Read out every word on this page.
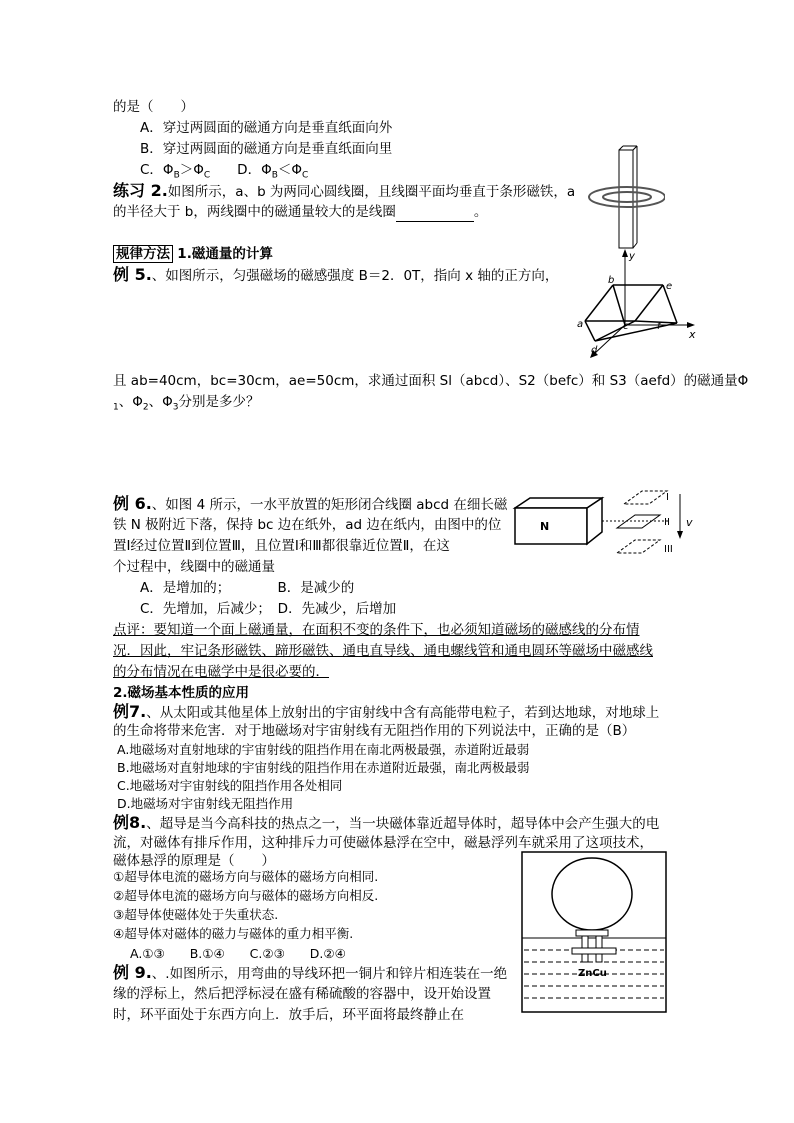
的是（　　）
A．穿过两圆面的磁通方向是垂直纸面向外
B．穿过两圆面的磁通方向是垂直纸面向里
C．$\Phi_B>\Phi_C$　　D．$\Phi_B<\Phi_C$
练习 2.如图所示，a、b 为两同心圆线圈，且线圈平面均垂直于条形磁铁，a
的半径大于 b，两线圈中的磁通量较大的是线圈	。
规律方法 1.磁通量的计算
例 5.、如图所示，匀强磁场的磁感强度 B＝2．0T，指向 x 轴的正方向，
y
x
b
a	c
d
e
f
且 ab=40cm，bc=30cm，ae=50cm，求通过面积 Sl（abcd）、S2（befc）和 S3（aefd）的磁通量Φ
$_1$、$\Phi_2$、$\Phi_3$分别是多少？
例 6.、如图 4 所示，一水平放置的矩形闭合线圈 abcd 在细长磁
铁 N 极附近下落，保持 bc 边在纸外，ad 边在纸内，由图中的位
置Ⅰ经过位置Ⅱ到位置Ⅲ，且位置Ⅰ和Ⅲ都很靠近位置Ⅱ，在这
个过程中，线圈中的磁通量
A．是增加的；　　　　B．是减少的
C．先增加，后减少；　D．先减少，后增加
N
I
II
III
v
点评：要知道一个面上磁通量，在面积不变的条件下，也必须知道磁场的磁感线的分布情
况．因此，牢记条形磁铁、蹄形磁铁、通电直导线、通电螺线管和通电圆环等磁场中磁感线
的分布情况在电磁学中是很必要的．
2.磁场基本性质的应用
例7.、从太阳或其他星体上放射出的宇宙射线中含有高能带电粒子，若到达地球，对地球上
的生命将带来危害．对于地磁场对宇宙射线有无阻挡作用的下列说法中，正确的是（B）
A.地磁场对直射地球的宇宙射线的阻挡作用在南北两极最强，赤道附近最弱
B.地磁场对直射地球的宇宙射线的阻挡作用在赤道附近最强，南北两极最弱
C.地磁场对宇宙射线的阻挡作用各处相同
D.地磁场对宇宙射线无阻挡作用
例8.、超导是当今高科技的热点之一，当一块磁体靠近超导体时，超导体中会产生强大的电
流，对磁体有排斥作用，这种排斥力可使磁体悬浮在空中，磁悬浮列车就采用了这项技术，
磁体悬浮的原理是（　　）
①超导体电流的磁场方向与磁体的磁场方向相同.
②超导体电流的磁场方向与磁体的磁场方向相反.
③超导体使磁体处于失重状态.
④超导体对磁体的磁力与磁体的重力相平衡.
A.①③　　B.①④　　C.②③　　D.②④
例 9.、.如图所示，用弯曲的导线环把一铜片和锌片相连装在一绝
缘的浮标上，然后把浮标浸在盛有稀硫酸的容器中，设开始设置
时，环平面处于东西方向上．放手后，环平面将最终静止在
ZnCu
